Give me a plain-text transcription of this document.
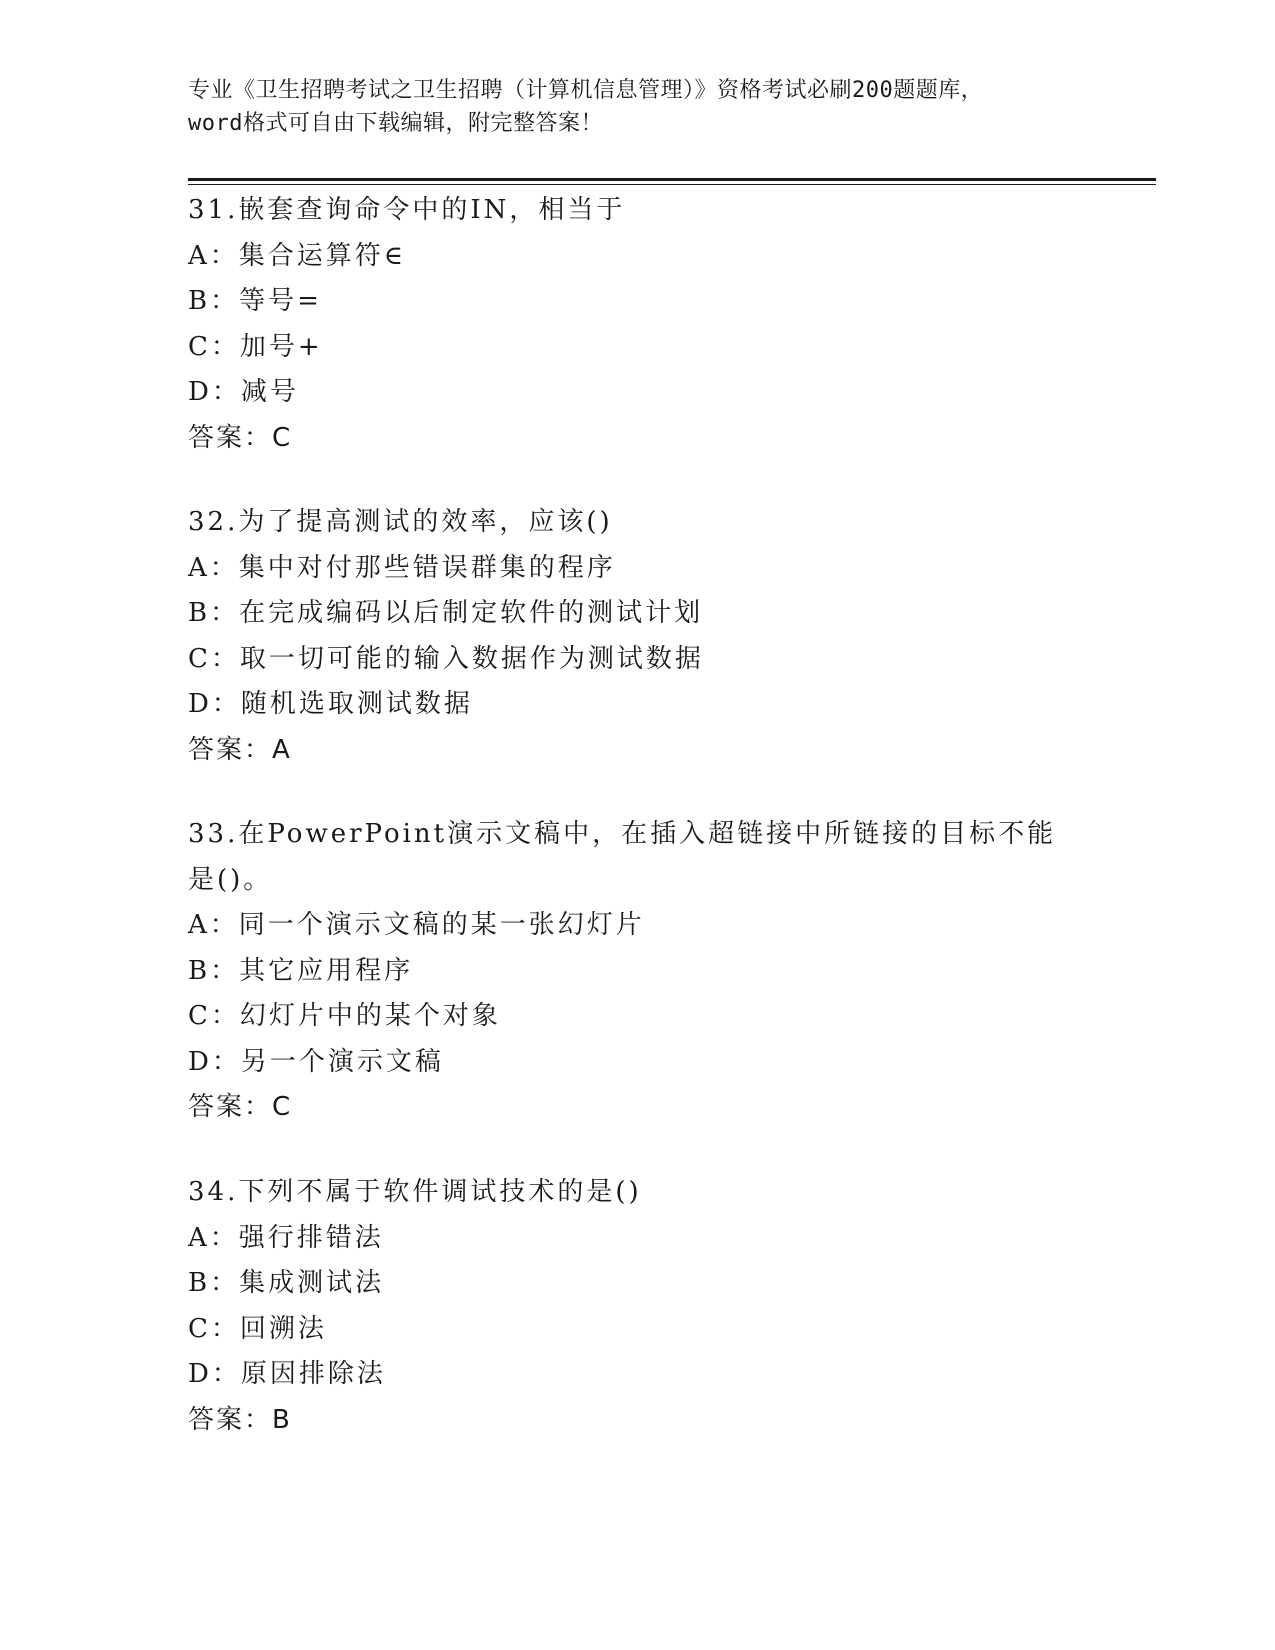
专业《卫生招聘考试之卫生招聘（计算机信息管理）》资格考试必刷200题题库，

word格式可自由下载编辑，附完整答案！

31.嵌套查询命令中的IN，相当于
A：集合运算符∈
B：等号=
C：加号+
D：减号
答案：C
32.为了提高测试的效率，应该()
A：集中对付那些错误群集的程序
B：在完成编码以后制定软件的测试计划
C：取一切可能的输入数据作为测试数据
D：随机选取测试数据
答案：A
33.在PowerPoint演示文稿中，在插入超链接中所链接的目标不能是()。
A：同一个演示文稿的某一张幻灯片
B：其它应用程序
C：幻灯片中的某个对象
D：另一个演示文稿
答案：C
34.下列不属于软件调试技术的是()
A：强行排错法
B：集成测试法
C：回溯法
D：原因排除法
答案：B
